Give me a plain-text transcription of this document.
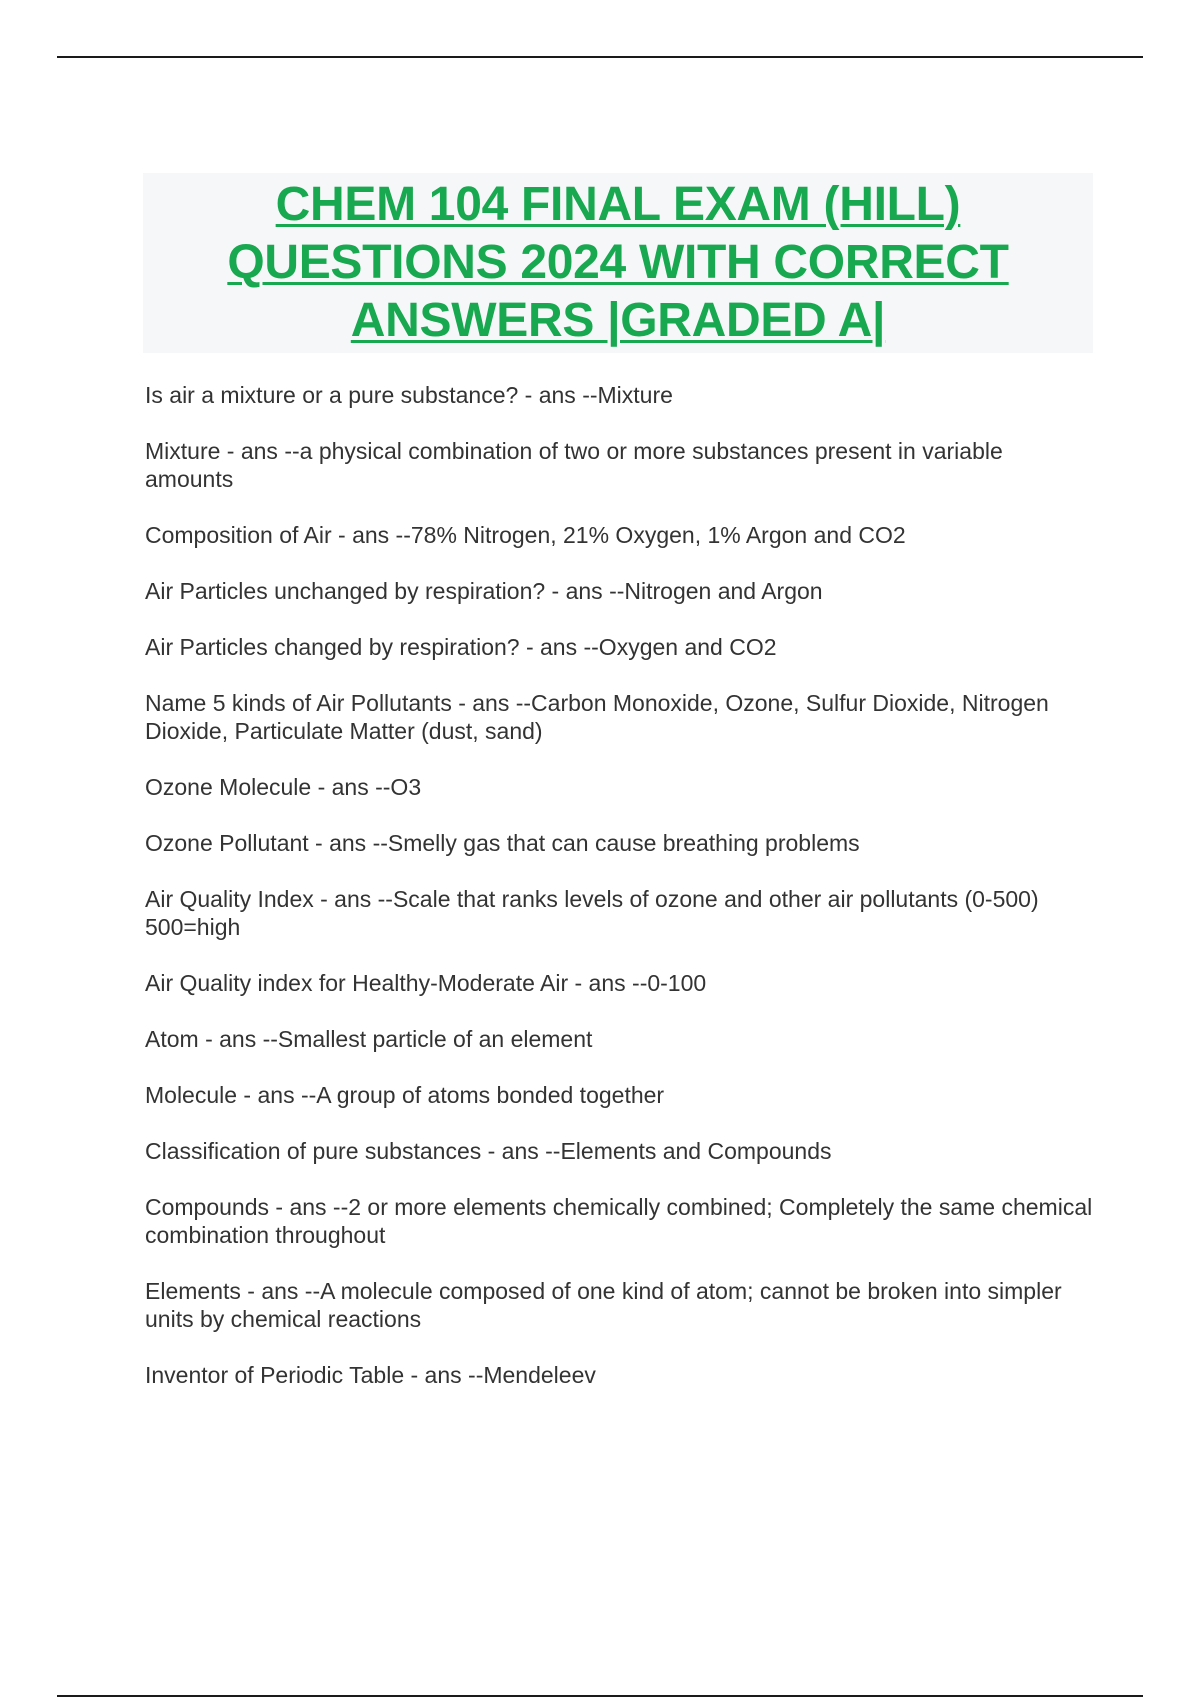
CHEM 104 FINAL EXAM (HILL)
QUESTIONS 2024 WITH CORRECT
ANSWERS |GRADED A|
Is air a mixture or a pure substance? - ans --Mixture
Mixture - ans --a physical combination of two or more substances present in variable amounts
Composition of Air - ans --78% Nitrogen, 21% Oxygen, 1% Argon and CO2
Air Particles unchanged by respiration? - ans --Nitrogen and Argon
Air Particles changed by respiration? - ans --Oxygen and CO2
Name 5 kinds of Air Pollutants - ans --Carbon Monoxide, Ozone, Sulfur Dioxide, Nitrogen Dioxide, Particulate Matter (dust, sand)
Ozone Molecule - ans --O3
Ozone Pollutant - ans --Smelly gas that can cause breathing problems
Air Quality Index - ans --Scale that ranks levels of ozone and other air pollutants (0-500) 500=high
Air Quality index for Healthy-Moderate Air - ans --0-100
Atom - ans --Smallest particle of an element
Molecule - ans --A group of atoms bonded together
Classification of pure substances - ans --Elements and Compounds
Compounds - ans --2 or more elements chemically combined; Completely the same chemical combination throughout
Elements - ans --A molecule composed of one kind of atom; cannot be broken into simpler units by chemical reactions
Inventor of Periodic Table - ans --Mendeleev
